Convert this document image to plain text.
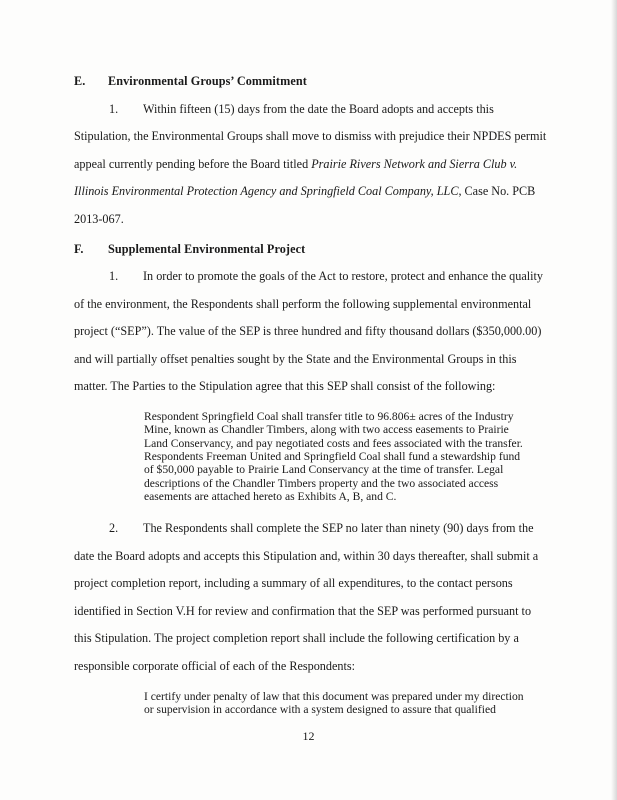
E. Environmental Groups’ Commitment
1. Within fifteen (15) days from the date the Board adopts and accepts this
Stipulation, the Environmental Groups shall move to dismiss with prejudice their NPDES permit
appeal currently pending before the Board titled Prairie Rivers Network and Sierra Club v.
Illinois Environmental Protection Agency and Springfield Coal Company, LLC, Case No. PCB
2013-067.
F. Supplemental Environmental Project
1. In order to promote the goals of the Act to restore, protect and enhance the quality
of the environment, the Respondents shall perform the following supplemental environmental
project (“SEP”). The value of the SEP is three hundred and fifty thousand dollars ($350,000.00)
and will partially offset penalties sought by the State and the Environmental Groups in this
matter. The Parties to the Stipulation agree that this SEP shall consist of the following:
Respondent Springfield Coal shall transfer title to 96.806± acres of the Industry
Mine, known as Chandler Timbers, along with two access easements to Prairie
Land Conservancy, and pay negotiated costs and fees associated with the transfer.
Respondents Freeman United and Springfield Coal shall fund a stewardship fund
of $50,000 payable to Prairie Land Conservancy at the time of transfer. Legal
descriptions of the Chandler Timbers property and the two associated access
easements are attached hereto as Exhibits A, B, and C.
2. The Respondents shall complete the SEP no later than ninety (90) days from the
date the Board adopts and accepts this Stipulation and, within 30 days thereafter, shall submit a
project completion report, including a summary of all expenditures, to the contact persons
identified in Section V.H for review and confirmation that the SEP was performed pursuant to
this Stipulation. The project completion report shall include the following certification by a
responsible corporate official of each of the Respondents:
I certify under penalty of law that this document was prepared under my direction
or supervision in accordance with a system designed to assure that qualified
12
